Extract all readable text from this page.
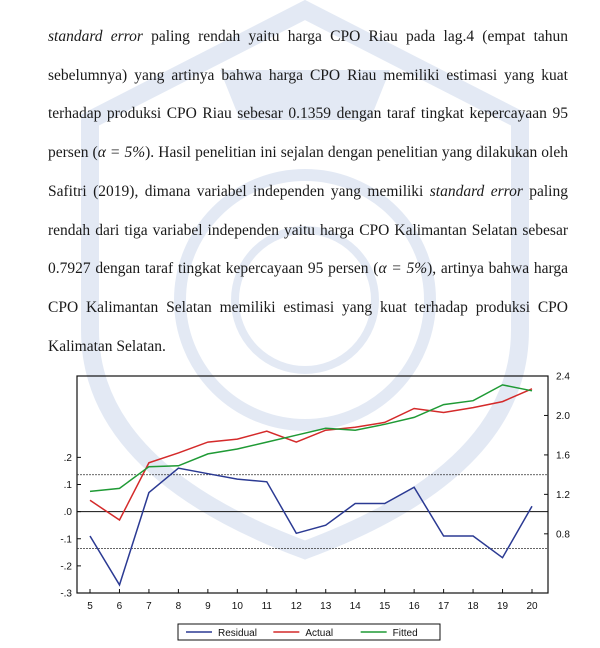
standard error paling rendah yaitu harga CPO Riau pada lag.4 (empat tahun sebelumnya) yang artinya bahwa harga CPO Riau memiliki estimasi yang kuat terhadap produksi CPO Riau sebesar 0.1359 dengan taraf tingkat kepercayaan 95 persen (α = 5%). Hasil penelitian ini sejalan dengan penelitian yang dilakukan oleh Safitri (2019), dimana variabel independen yang memiliki standard error paling rendah dari tiga variabel independen yaitu harga CPO Kalimantan Selatan sebesar 0.7927 dengan taraf tingkat kepercayaan 95 persen (α = 5%), artinya bahwa harga CPO Kalimantan Selatan memiliki estimasi yang kuat terhadap produksi CPO Kalimatan Selatan.

.2
.1
.0
-.1
-.2
-.3
2.4
2.0
1.6
1.2
0.8
5 6 7 8 9 10 11 12 13 14 15 16 17 18 19 20
Residual	Actual	Fitted
